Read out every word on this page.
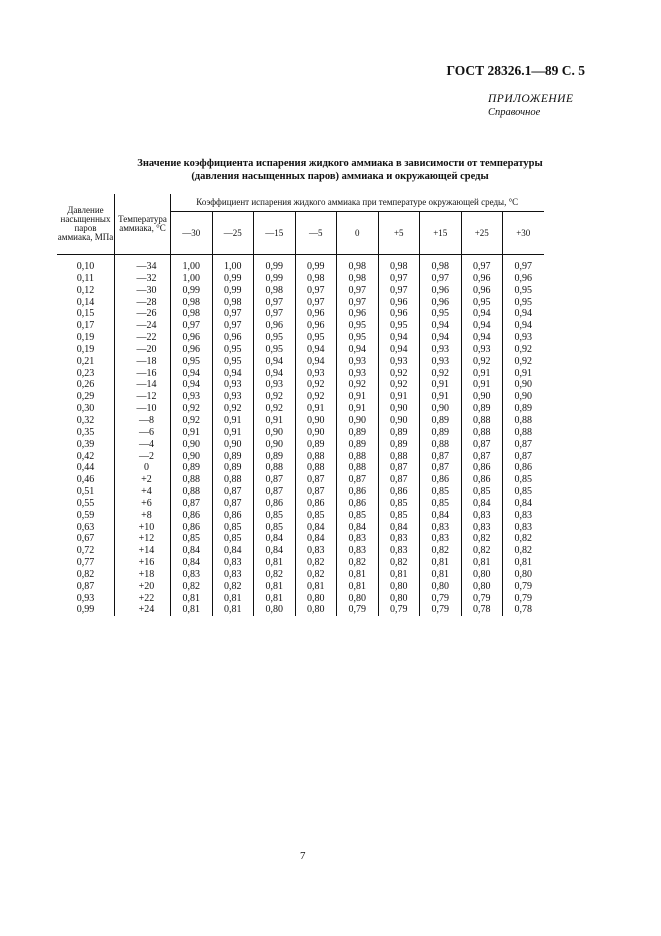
ГОСТ 28326.1—89 С. 5
ПРИЛОЖЕНИЕ
Справочное
Значение коэффициента испарения жидкого аммиака в зависимости от температуры
(давления насыщенных паров) аммиака и окружающей среды
Давление насыщенных паров аммиака, МПа	Температура аммиака, °С	Коэффициент испарения жидкого аммиака при температуре окружающей среды, °С								
		—30	—25	—15	—5	0	+5	+15	+25	+30
0,10	—34	1,00	1,00	0,99	0,99	0,98	0,98	0,98	0,97	0,97
0,11	—32	1,00	0,99	0,99	0,98	0,98	0,97	0,97	0,96	0,96
0,12	—30	0,99	0,99	0,98	0,97	0,97	0,97	0,96	0,96	0,95
0,14	—28	0,98	0,98	0,97	0,97	0,97	0,96	0,96	0,95	0,95
0,15	—26	0,98	0,97	0,97	0,96	0,96	0,96	0,95	0,94	0,94
0,17	—24	0,97	0,97	0,96	0,96	0,95	0,95	0,94	0,94	0,94
0,19	—22	0,96	0,96	0,95	0,95	0,95	0,94	0,94	0,94	0,93
0,19	—20	0,96	0,95	0,95	0,94	0,94	0,94	0,93	0,93	0,92
0,21	—18	0,95	0,95	0,94	0,94	0,93	0,93	0,93	0,92	0,92
0,23	—16	0,94	0,94	0,94	0,93	0,93	0,92	0,92	0,91	0,91
0,26	—14	0,94	0,93	0,93	0,92	0,92	0,92	0,91	0,91	0,90
0,29	—12	0,93	0,93	0,92	0,92	0,91	0,91	0,91	0,90	0,90
0,30	—10	0,92	0,92	0,92	0,91	0,91	0,90	0,90	0,89	0,89
0,32	—8	0,92	0,91	0,91	0,90	0,90	0,90	0,89	0,88	0,88
0,35	—6	0,91	0,91	0,90	0,90	0,89	0,89	0,89	0,88	0,88
0,39	—4	0,90	0,90	0,90	0,89	0,89	0,89	0,88	0,87	0,87
0,42	—2	0,90	0,89	0,89	0,88	0,88	0,88	0,87	0,87	0,87
0,44	0	0,89	0,89	0,88	0,88	0,88	0,87	0,87	0,86	0,86
0,46	+2	0,88	0,88	0,87	0,87	0,87	0,87	0,86	0,86	0,85
0,51	+4	0,88	0,87	0,87	0,87	0,86	0,86	0,85	0,85	0,85
0,55	+6	0,87	0,87	0,86	0,86	0,86	0,85	0,85	0,84	0,84
0,59	+8	0,86	0,86	0,85	0,85	0,85	0,85	0,84	0,83	0,83
0,63	+10	0,86	0,85	0,85	0,84	0,84	0,84	0,83	0,83	0,83
0,67	+12	0,85	0,85	0,84	0,84	0,83	0,83	0,83	0,82	0,82
0,72	+14	0,84	0,84	0,84	0,83	0,83	0,83	0,82	0,82	0,82
0,77	+16	0,84	0,83	0,81	0,82	0,82	0,82	0,81	0,81	0,81
0,82	+18	0,83	0,83	0,82	0,82	0,81	0,81	0,81	0,80	0,80
0,87	+20	0,82	0,82	0,81	0,81	0,81	0,80	0,80	0,80	0,79
0,93	+22	0,81	0,81	0,81	0,80	0,80	0,80	0,79	0,79	0,79
0,99	+24	0,81	0,81	0,80	0,80	0,79	0,79	0,79	0,78	0,78
7
